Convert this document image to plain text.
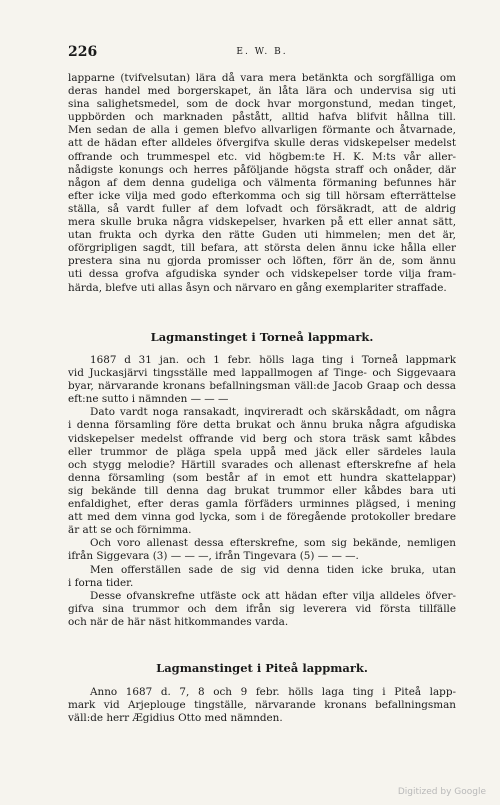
226	E. W. B.
lapparne (tvifvelsutan) lära då vara mera betänkta och sorgfälliga om
deras handel med borgerskapet, än låta lära och undervisa sig uti
sina salighetsmedel, som de dock hvar morgonstund, medan tinget,
uppbörden och marknaden påstått, alltid hafva blifvit hållna till.
Men sedan de alla i gemen blefvo allvarligen förmante och åtvarnade,
att de hädan efter alldeles öfvergifva skulle deras vidskepelser medelst
offrande och trummespel etc. vid högbem:te H. K. M:ts vår aller-
nådigste konungs och herres påföljande högsta straff och onåder, där
någon af dem denna gudeliga och välmenta förmaning befunnes här
efter icke vilja med godo efterkomma och sig till hörsam efterrättelse
ställa, så vardt fuller af dem lofvadt och försäkradt, att de aldrig
mera skulle bruka några vidskepelser, hvarken på ett eller annat sätt,
utan frukta och dyrka den rätte Guden uti himmelen; men det är,
oförgripligen sagdt, till befara, att största delen ännu icke hålla eller
prestera sina nu gjorda promisser och löften, förr än de, som ännu
uti dessa grofva afgudiska synder och vidskepelser torde vilja fram-
härda, blefve uti allas åsyn och närvaro en gång exemplariter straffade.
Lagmanstinget i Torneå lappmark.
1687 d 31 jan. och 1 febr. hölls laga ting i Torneå lappmark
vid Juckasjärvi tingsställe med lappallmogen af Tinge- och Siggevaara
byar, närvarande kronans befallningsman väll:de Jacob Graap och dessa
eft:ne sutto i nämnden — — —
Dato vardt noga ransakadt, inqvireradt och skärskådadt, om några
i denna församling före detta brukat och ännu bruka några afgudiska
vidskepelser medelst offrande vid berg och stora träsk samt kåbdes
eller trummor de pläga spela uppå med jäck eller särdeles laula
och stygg melodie? Härtill svarades och allenast efterskrefne af hela
denna församling (som består af in emot ett hundra skattelappar)
sig bekände till denna dag brukat trummor eller kåbdes bara uti
enfaldighet, efter deras gamla förfäders urminnes plägsed, i mening
att med dem vinna god lycka, som i de föregående protokoller bredare
är att se och förnimma.
Och voro allenast dessa efterskrefne, som sig bekände, nemligen
ifrån Siggevara (3) — — —, ifrån Tingevara (5) — — —.
Men offerställen sade de sig vid denna tiden icke bruka, utan
i forna tider.
Desse ofvanskrefne utfäste ock att hädan efter vilja alldeles öfver-
gifva sina trummor och dem ifrån sig leverera vid första tillfälle
och när de här näst hitkommandes varda.
Lagmanstinget i Piteå lappmark.
Anno 1687 d. 7, 8 och 9 febr. hölls laga ting i Piteå lapp-
mark vid Arjeplouge tingställe, närvarande kronans befallningsman
väll:de herr Ægidius Otto med nämnden.
Digitized by Google
